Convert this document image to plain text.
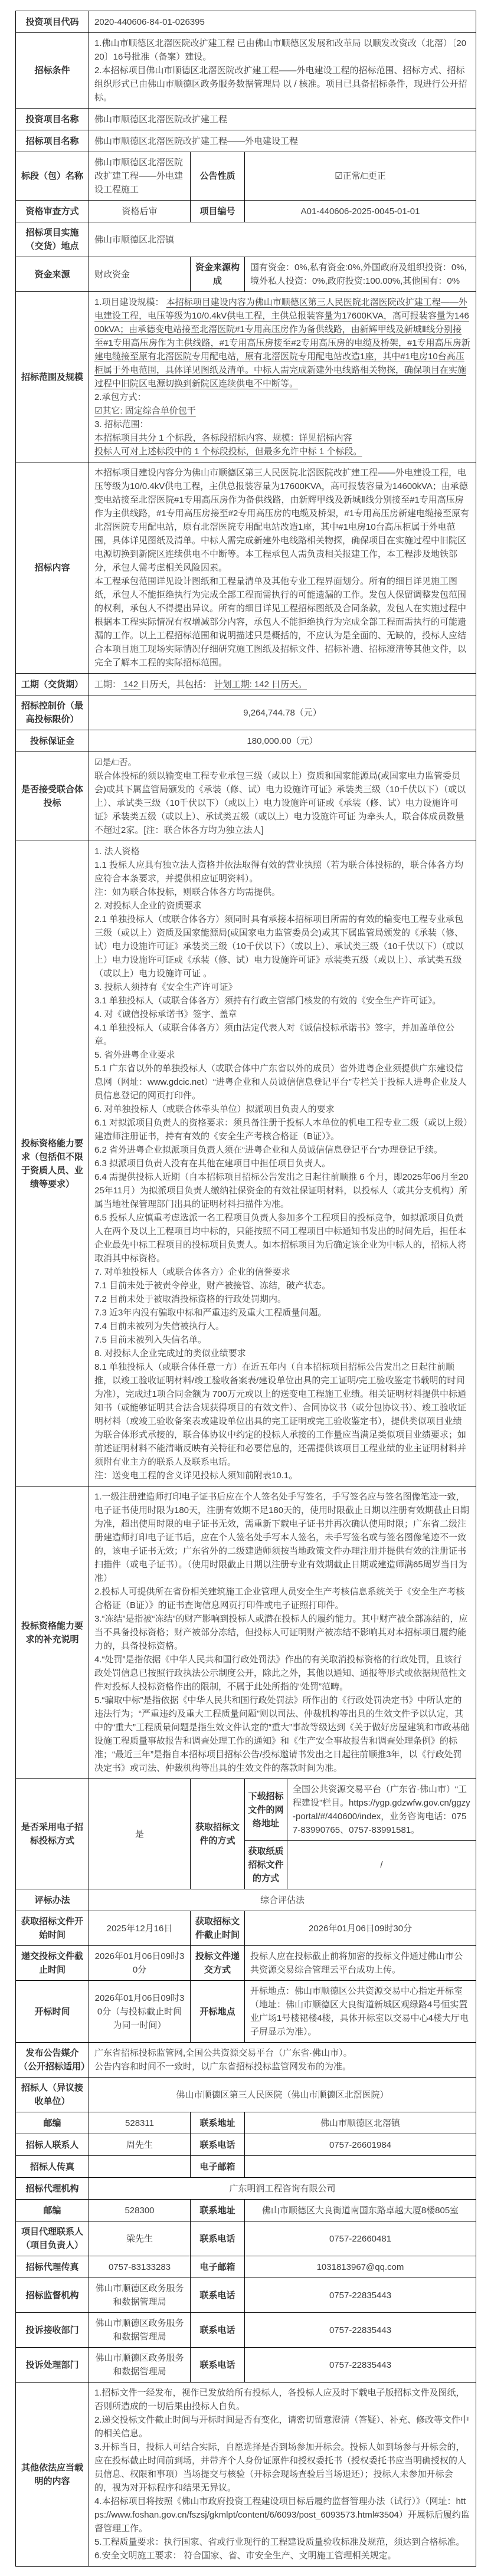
投资项目代码	2020-440606-84-01-026395			
招标条件	1.佛山市顺德区北滘医院改扩建工程 已由佛山市顺德区发展和改革局 以顺发改资改（北滘）〔2020〕16号批准（备案）建设。

2.本招标项目佛山市顺德区北滘医院改扩建工程——外电建设工程的招标范围、招标方式、招标组织形式已由佛山市顺德区政务服务数据管理局 以 / 核准。项目已具备招标条件，现进行公开招标。			

投资项目名称	佛山市顺德区北滘医院改扩建工程			
招标项目名称	佛山市顺德区北滘医院改扩建工程——外电建设工程			
标段（包）名称	佛山市顺德区北滘医院改扩建工程——外电建设工程施工	公告性质	☑正常/□更正	
资格审查方式	资格后审	项目编号	A01-440606-2025-0045-01-01	
招标项目实施（交货）地点	佛山市顺德区北滘镇			
资金来源	财政资金	资金来源构成	国有资金：0%,私有资金:0%,外国政府及组织投资：0%,境外私人投资：0%,政府投资:100.00%,其他国有：0%	
招标范围及规模	

1.项目建设规模： 本招标项目建设内容为佛山市顺德区第三人民医院北滘医院改扩建工程——外电建设工程，电压等级为10/0.4kV供电工程，主供总报装容量为17600KVA，高可报装容量为14600kVA；由承德变电站接至北滘医院#1专用高压房作为备供线路，由新辉甲线及新城Ⅱ线分别接至#1专用高压房作为主供线路，#1专用高压房接至#2专用高压房的电缆及桥架，#1专用高压房新建电缆接至原有北滘医院专用配电站，原有北滘医院专用配电站改造1座，其中#1电房10台高压柜属于外电范围，具体详见图纸及清单。中标人需完成新建外电线路相关物探，确保项目在实施过程中旧院区电源切换到新院区连续供电不中断等。

2.承包方式：

☑其它: 固定综合单价包干

3. 招标范围：

本招标项目共分 1 个标段，各标段招标内容、规模：详见招标内容

投标人可对上述标段中的 1 个标段投标，但最多允许中标 1 个标段。

招标内容	本招标项目建设内容分为佛山市顺德区第三人民医院北滘医院改扩建工程——外电建设工程，电压等级为10/0.4kV供电工程，主供总报装容量为17600KVA，高可报装容量为14600kVA；由承德变电站接至北滘医院#1专用高压房作为备供线路，由新辉甲线及新城Ⅱ线分别接至#1专用高压房作为主供线路，#1专用高压房接至#2专用高压房的电缆及桥架，#1专用高压房新建电缆接至原有北滘医院专用配电站，原有北滘医院专用配电站改造1座，其中#1电房10台高压柜属于外电范围，具体详见图纸及清单。中标人需完成新建外电线路相关物探，确保项目在实施过程中旧院区电源切换到新院区连续供电不中断等。本工程承包人需负责相关报建工作，本工程涉及地铁部分，承包人需考虑相关风险因素。

本工程承包范围详见设计图纸和工程量清单及其他专业工程界面划分。所有的细目详见施工图纸，承包人不能拒绝执行为完成全部工程而需执行的可能遗漏的工作。发包人保留调整发包范围的权利，承包人不得提出异议。所有的细目详见工程招标图纸及合同条款，发包人在实施过程中根据本工程实际情况有权增减部分内容，承包人不能拒绝执行为完成全部工程而需执行的可能遗漏的工作。以上工程招标范围和说明描述只是概括的，不应认为是全面的、无缺的，投标人应结合本项目施工现场实际情况仔细研究施工图纸及招标文件、招标补遗、招标澄清等其他文件，以完全了解本工程的实际招标范围。			

工期（交货期）	工期： 142 日历天，其包括： 计划工期: 142 日历天。			
招标控制价（最高投标限价）	9,264,744.78（元）			
投标保证金	180,000.00（元）			
是否接受联合体投标	☑是/□否。

联合体投标的须以输变电工程专业承包三级（或以上）资质和国家能源局(或国家电力监管委员会)或其下属监管局颁发的《承装（修、试）电力设施许可证》承装类三级（10千伏以下）（或以上）、承试类三级（10千伏以下）（或以上）电力设施许可证或《承装（修、试）电力设施许可证》承装类五级（或以上）、承试类五级（或以上）电力设施许可证 为牵头人，联合体成员数量不超过2家。[注：联合体各方均为独立法人]			

投标资格能力要求（包括但不限于资质人员、业绩等要求）	

1. 法人资格

1.1 投标人应具有独立法人资格并依法取得有效的营业执照（若为联合体投标的，联合体各方均应符合本条要求，并提供相应证明资料）。

注：如为联合体投标，则联合体各方均需提供。

2. 对投标人企业的资质要求

2.1 单独投标人（或联合体各方）须同时具有承接本招标项目所需的有效的输变电工程专业承包三级（或以上）资质及国家能源局(或国家电力监管委员会)或其下属监管局颁发的《承装（修、试）电力设施许可证》承装类三级（10千伏以下）（或以上）、承试类三级（10千伏以下）（或以上）电力设施许可证或《承装（修、试）电力设施许可证》承装类五级（或以上）、承试类五级（或以上）电力设施许可证 。

3. 投标人须持有《安全生产许可证》

3.1 单独投标人（或联合体各方）须持有行政主管部门核发的有效的《安全生产许可证》。

4. 对《诚信投标承诺书》签字、盖章

4.1 单独投标人（或联合体各方）须由法定代表人对《诚信投标承诺书》签字，并加盖单位公章。

5. 省外进粤企业要求

5.1 广东省以外的单独投标人（或联合体中广东省以外的成员）省外进粤企业须提供广东建设信息网（网址：www.gdcic.net）“进粤企业和人员诚信信息登记平台”专栏关于投标人进粤企业及人员信息登记的网页打印件。

6. 对单独投标人（或联合体牵头单位）拟派项目负责人的要求

6.1 对拟派项目负责人的资格要求：须具备注册于投标人本单位的机电工程专业二级（或以上级）建造师注册证书，持有有效的《安全生产考核合格证（B证）》。

6.2 省外进粤企业拟派项目负责人须在“进粤企业和人员诚信信息登记平台”办理登记手续。

6.3 拟派项目负责人没有在其他在建项目中担任项目负责人。

6.4 需提供投标人近期（自本招标项目招标公告发出之日起往前顺推 6 个月，即2025年06月至2025年11月）为拟派项目负责人缴纳社保资金的有效社保证明材料，以投标人（或其分支机构）所属当地社保管理部门出具的证明材料扫描件为准。

6.5 投标人应慎重考虑选派一名工程项目负责人参加多个工程项目的投标竞争，如拟派项目负责人在两个及以上工程项目均中标的，只能按照不同工程项目中标通知书发出的时间先后，担任本企业最先中标工程项目的投标项目负责人。如本招标项目为后确定该企业为中标人的，招标人将取消其中标资格。

7. 对单独投标人（或联合体各方）企业的信誉要求

7.1 目前未处于被责令停业，财产被接管、冻结，破产状态。

7.2 目前未处于被取消投标资格的行政处罚期内。

7.3 近3年内没有骗取中标和严重违约及重大工程质量问题。

7.4 目前未被列为失信被执行人。

7.5 目前未被列入失信名单。

8. 对投标人企业完成过的类似业绩要求

8.1 单独投标人（或联合体任意一方）在近五年内（自本招标项目招标公告发出之日起往前顺推，以竣工验收证明材料/竣工验收备案表/建设单位出具的完工证明/完工验收鉴定书载明的时间为准），完成过1项合同金额为 700万元或以上的送变电工程施工业绩。相关证明材料提供中标通知书（或能够证明其合法合规获得项目的有效文件）、合同协议书（或分包协议书）、竣工验收证明材料（或竣工验收备案表或建设单位出具的完工证明或完工验收鉴定书），提供类似项目业绩为联合体形式承接的，联合体协议中约定的投标人承接的工作量应当满足类似项目业绩要求；如前述证明材料不能清晰反映有关特征和必要信息的，还需提供该项目工程业绩的业主证明材料并须附有业主方的联系人及联系电话。

注：送变电工程的含义详见投标人须知前附表10.1。

投标资格能力要求的补充说明	1.一级注册建造师打印电子证书后应在个人签名处手写签名，手写签名应与签名图像笔迹一致，电子证书使用时限为180天，注册有效期不足180天的，使用时限截止日期以注册有效期截止日期为准，超出使用时限的电子证书无效，需重新下载电子证书并再次确认使用时限；广东省二级注册建造师打印电子证书后，应在个人签名处手写本人签名，未手写签名或与签名图像笔迹不一致的，该电子证书无效；广东省外的二级建造师须按当地政策文件办理注册并提供有效的注册证书扫描件（或电子证书）。（使用时限截止日期以注册专业有效期截止日期或建造师满65周岁当日为准）

2.投标人可提供所在省份相关建筑施工企业管理人员安全生产考核信息系统关于《安全生产考核合格证（B证）》的证书查询信息网页打印件或电子证照打印件。

3.“冻结”是指被“冻结”的财产影响到投标人或潜在投标人的履约能力。其中财产被全部冻结的，应当不具备投标资格；财产被部分冻结，但投标人可证明财产被冻结不影响其对本招标项目履约能力的，具备投标资格。

4.“处罚”是指依据《中华人民共和国行政处罚法》作出的有关取消投标资格的行政处罚，且该行政处罚信息已按照行政执法公示制度公开，除此之外，其他以通知、通报等形式或依据规范性文件对投标人投标资格作出的限制，不属于此处所指的“处罚”范畴。

5.“骗取中标”是指依据《中华人民共和国行政处罚法》所作出的《行政处罚决定书》中所认定的违法行为；“严重违约及重大工程质量问题”则以司法、仲裁机构等出具的生效文件予以认定，其中的“重大”工程质量问题是指生效文件认定的“重大”事故等级达到《关于做好房屋建筑和市政基础设施工程质量事故报告和调查处理工作的通知》和《生产安全事故报告和调查处理条例》的标准；“最近三年”是指自本招标项目招标公告/投标邀请书发出之日起往前顺推3年，以《行政处罚决定书》或司法、仲裁机构等出具的生效文件的落款时间为准。			

是否采用电子招标投标方式	是	获取招标文件的方式	下载招标文件的网络地址	全国公共资源交易平台（广东省·佛山市）“工程建设”栏目。https://ygp.gdzwfw.gov.cn/ggzy-portal/#/440600/index，业务咨询电话：0757-83990765、0757-83991581。
			获取纸质招标文件的方式	/
评标办法	综合评估法			
获取招标文件开始时间	2025年12月16日	获取招标文件截止时间	2026年01月06日09时30分	
递交投标文件截止时间	2026年01月06日09时30分	投标文件递交方式	投标人应在投标截止前将加密的投标文件通过佛山市公共资源交易综合管理云平台成功上传。	
开标时间	2026年01月06日09时30分（与投标截止时间为同一时间）	开标地点	开标地点：佛山市顺德区公共资源交易中心指定开标室（地址：佛山市顺德区大良街道新城区观绿路4号恒实置业广场1号楼裙楼4楼，具体开标室以交易中心4楼大厅电子屏显示为准）。	
发布公告媒介（公开招标适用）	广东省招标投标监管网,全国公共资源交易平台（广东省·佛山市）。

公告内容和时间不一致时，以广东省招标投标监管网发布的为准。			

招标人（异议接收单位）	佛山市顺德区第三人民医院（佛山市顺德区北滘医院）			
邮编	528311	联系地址	佛山市顺德区北滘镇	
招标人联系人	周先生	联系电话	0757-26601984	
招标人传真		电子邮箱		
招标代理机构	广东明润工程咨询有限公司			
邮编	528300	联系地址	佛山市顺德区大良街道南国东路卓越大厦8楼805室	
项目代理联系人（项目负责人）	梁先生	联系电话	0757-22660481	
招标代理传真	0757-83133283	电子邮箱	1031813967@qq.com	
招标监督机构	佛山市顺德区政务服务和数据管理局	联系电话	0757-22835443	
投诉接收部门	佛山市顺德区政务服务和数据管理局	联系电话	0757-22835443	
投诉处理部门	佛山市顺德区政务服务和数据管理局	联系电话	0757-22835443	
其他依法应当载明的内容	

1.招标文件一经发布，视作已发放给所有投标人，各投标人应及时下载电子版招标文件及图纸，否则所造成的一切后果由投标人自负。

2.递交投标文件截止时间与开标时间是否有变化，请密切留意澄清（答疑）、补充、修改等文件中的相关信息。

3.开标当日，投标人可结合实际，自愿选择是否到场参加开标会。投标人如到场参与开标会的，应在投标截止时间前到场，并带齐个人身份证原件和授权委托书（授权委托书应当明确授权的人员信息、权限和事项）当场提交与核验（开标会现场查验后当场退还）；投标人未参加开标会的，视为对开标程序和结果无异议。

4.本招标项目将按照《佛山市政府投资工程建设项目标后履约监督管理办法（试行）》（网址：https://www.foshan.gov.cn/fszsj/gkmlpt/content/6/6093/post_6093573.html#3504）开展标后履约监督管理工作。

5.工程质量要求：执行国家、省或行业现行的工程建设质量验收标准及规范，须达到合格标准。

6.安全文明施工要求： 符合国家、省、市安全生产、文明施工管理相关规定。
